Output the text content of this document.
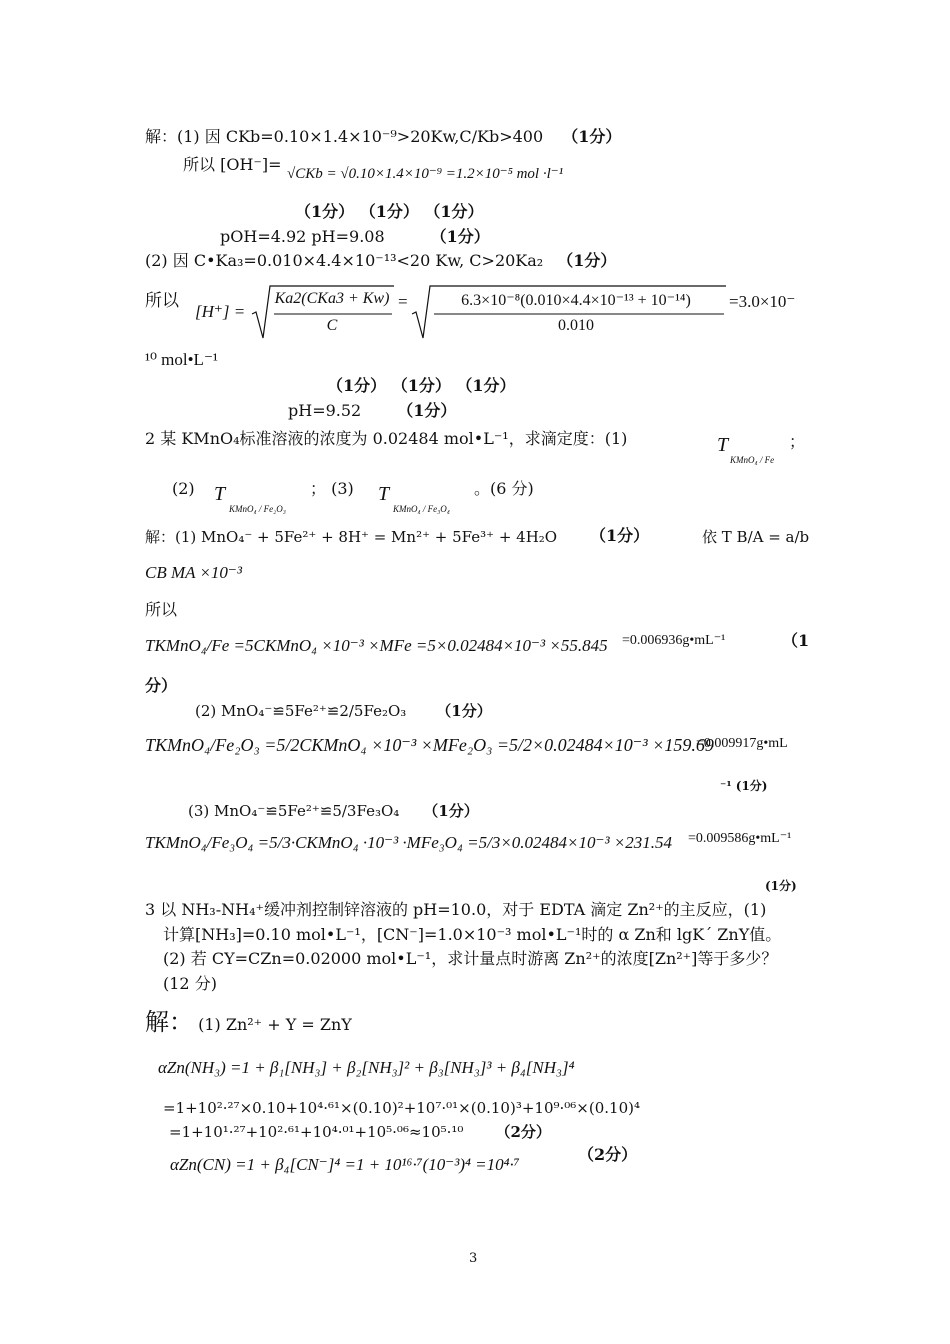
解：(1) 因 CKb=0.10×1.4×10⁻⁹>20Kw,C/Kb>400 （1分）
所以 [OH⁻]= √CKb = √0.10×1.4×10⁻⁹ =1.2×10⁻⁵ mol ·l⁻¹
（1分） （1分） （1分）
pOH=4.92 pH=9.08	（1分）
(2) 因 C•Ka₃=0.010×4.4×10⁻¹³<20 Kw, C>20Ka₂ （1分）
所以
[H⁺] =
Ka2(CKa3 + Kw)
C
=	6.3×10⁻⁸(0.010×4.4×10⁻¹³ + 10⁻¹⁴)
0.010
=3.0×10⁻
¹⁰ mol•L⁻¹
（1分） （1分） （1分）
pH=9.52 （1分）
2 某 KMnO₄标准溶液的浓度为 0.02484 mol•L⁻¹，求滴定度：(1)	T
KMnO₄ / Fe
；
(2) T
KMnO₄ / Fe₂O₃
； (3) T
KMnO₄ / Fe₃O₄
。(6 分)
解：(1) MnO₄⁻ + 5Fe²⁺ + 8H⁺ = Mn²⁺ + 5Fe³⁺ + 4H₂O （1分）	依 T B/A = a/b
CB MA ×10⁻³
所以
TKMnO₄/Fe =5CKMnO₄ ×10⁻³ ×MFe =5×0.02484×10⁻³ ×55.845 =0.006936g•mL⁻¹	（1
分）
(2) MnO₄⁻≌5Fe²⁺≌2/5Fe₂O₃ （1分）
TKMnO₄/Fe₂O₃ =5/2CKMnO₄ ×10⁻³ ×MFe₂O₃ =5/2×0.02484×10⁻³ ×159.69
=0.009917g•mL
⁻¹ (1分)
(3) MnO₄⁻≌5Fe²⁺≌5/3Fe₃O₄ （1分）
TKMnO₄/Fe₃O₄ =5/3·CKMnO₄ ·10⁻³ ·MFe₃O₄ =5/3×0.02484×10⁻³ ×231.54 =0.009586g•mL⁻¹
(1分)
3 以 NH₃-NH₄⁺缓冲剂控制锌溶液的 pH=10.0，对于 EDTA 滴定 Zn²⁺的主反应，(1)
计算[NH₃]=0.10 mol•L⁻¹，[CN⁻]=1.0×10⁻³ mol•L⁻¹时的 α Zn和 lgK´ ZnY值。
(2) 若 CY=CZn=0.02000 mol•L⁻¹，求计量点时游离 Zn²⁺的浓度[Zn²⁺]等于多少？
(12 分)
解： (1) Zn²⁺ + Y = ZnY
αZn(NH₃) =1 + β₁[NH₃] + β₂[NH₃]² + β₃[NH₃]³ + β₄[NH₃]⁴
=1+10²·²⁷×0.10+10⁴·⁶¹×(0.10)²+10⁷·⁰¹×(0.10)³+10⁹·⁰⁶×(0.10)⁴
=1+10¹·²⁷+10²·⁶¹+10⁴·⁰¹+10⁵·⁰⁶≈10⁵·¹⁰ （2分）
αZn(CN) =1 + β₄[CN⁻]⁴ =1 + 10¹⁶·⁷(10⁻³)⁴ =10⁴·⁷
（2分）
3
